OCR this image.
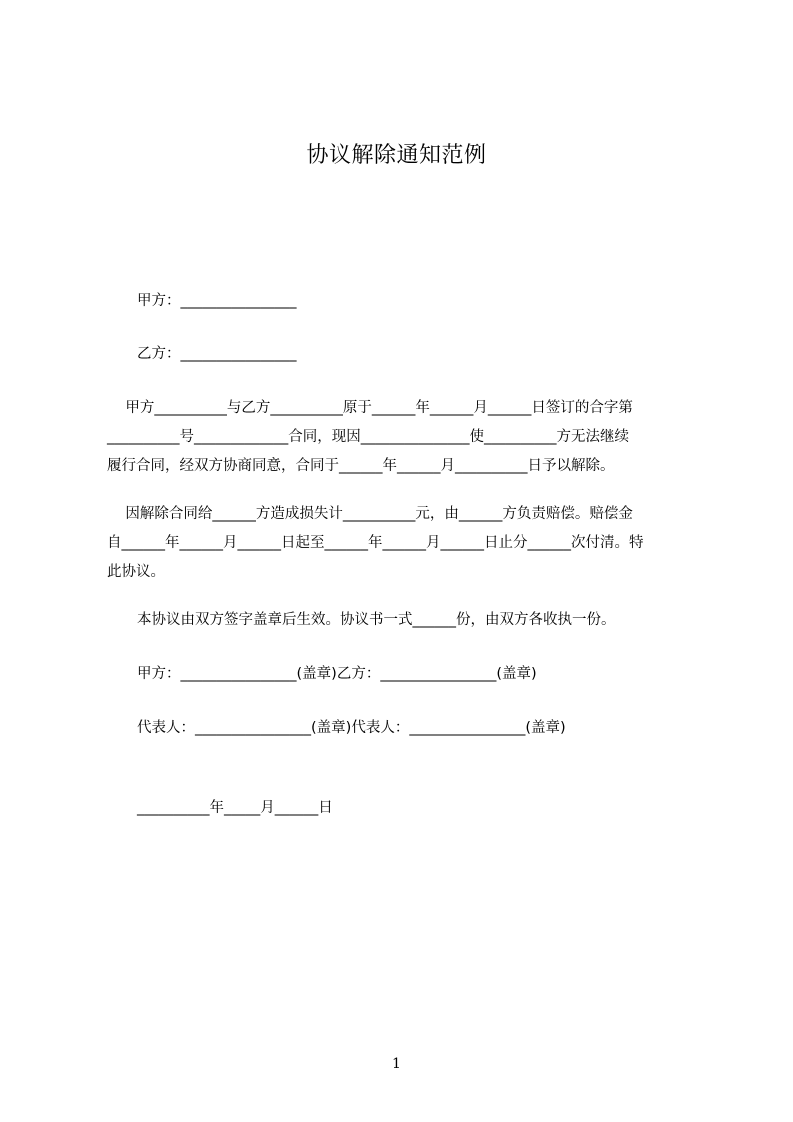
协议解除通知范例
甲方：________________
乙方：________________
甲方__________与乙方__________原于______年______月______日签订的合字第
__________号_____________合同，现因_______________使__________方无法继续
履行合同，经双方协商同意，合同于______年______月__________日予以解除。
因解除合同给______方造成损失计__________元，由______方负责赔偿。赔偿金
自______年______月______日起至______年______月______日止分______次付清。特
此协议。
本协议由双方签字盖章后生效。协议书一式______份，由双方各收执一份。
甲方：________________(盖章)乙方：________________(盖章)
代表人：________________(盖章)代表人：________________(盖章)
__________年_____月______日
1
